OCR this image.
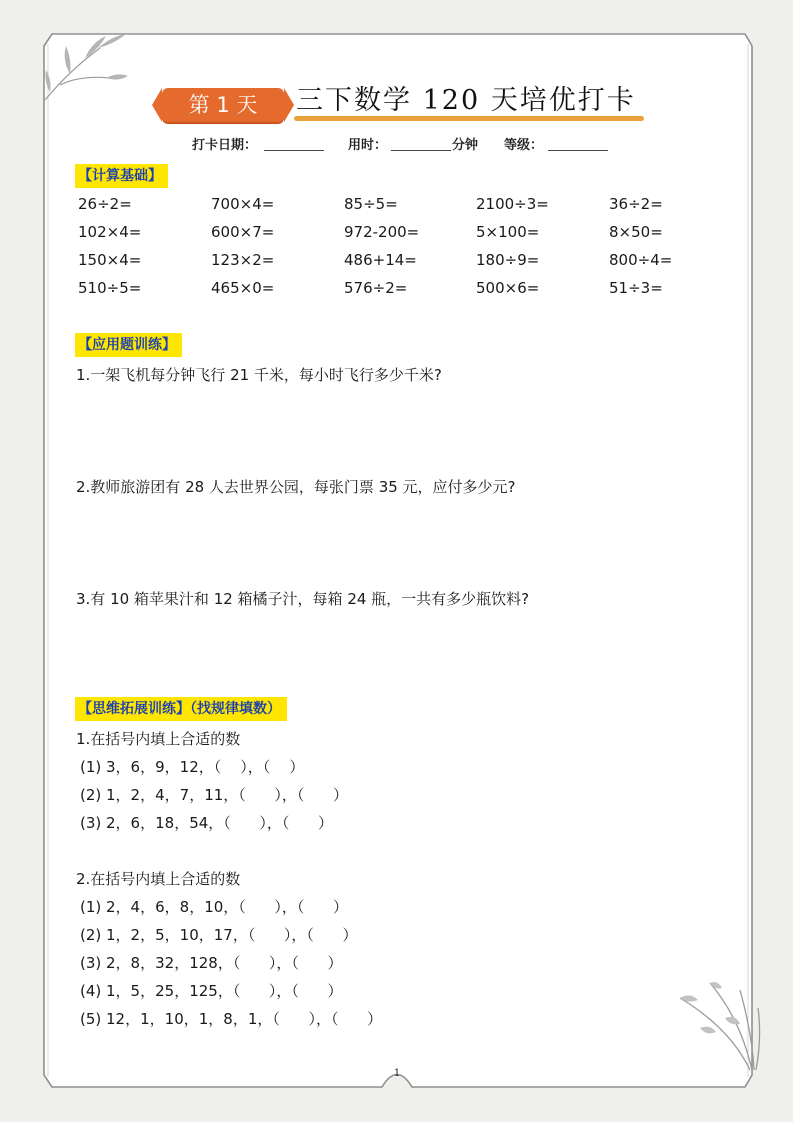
第 1 天	三下数学 120 天培优打卡
打卡日期：	用时：	分钟 等级：
【计算基础】
26÷2=	700×4=	85÷5=	2100÷3=	36÷2=
102×4=	600×7=	972-200=	5×100=	8×50=
150×4=	123×2=	486+14=	180÷9=	800÷4=
510÷5=	465×0=	576÷2=	500×6=	51÷3=
【应用题训练】
1.一架飞机每分钟飞行 21 千米，每小时飞行多少千米?
2.教师旅游团有 28 人去世界公园，每张门票 35 元，应付多少元?
3.有 10 箱苹果汁和 12 箱橘子汁，每箱 24 瓶，一共有多少瓶饮料?
【思维拓展训练】（找规律填数）
1.在括号内填上合适的数
(1) 3，6，9，12，（    ），（    ）
(2) 1，2，4，7，11，（      ），（      ）
(3) 2，6，18，54，（      ），（      ）
2.在括号内填上合适的数
(1) 2，4，6，8，10，（      ），（      ）
(2) 1，2，5，10，17，（      ），（      ）
(3) 2，8，32，128，（      ），（      ）
(4) 1，5，25，125，（      ），（      ）
(5) 12，1，10，1，8，1，（      ），（      ）
1
